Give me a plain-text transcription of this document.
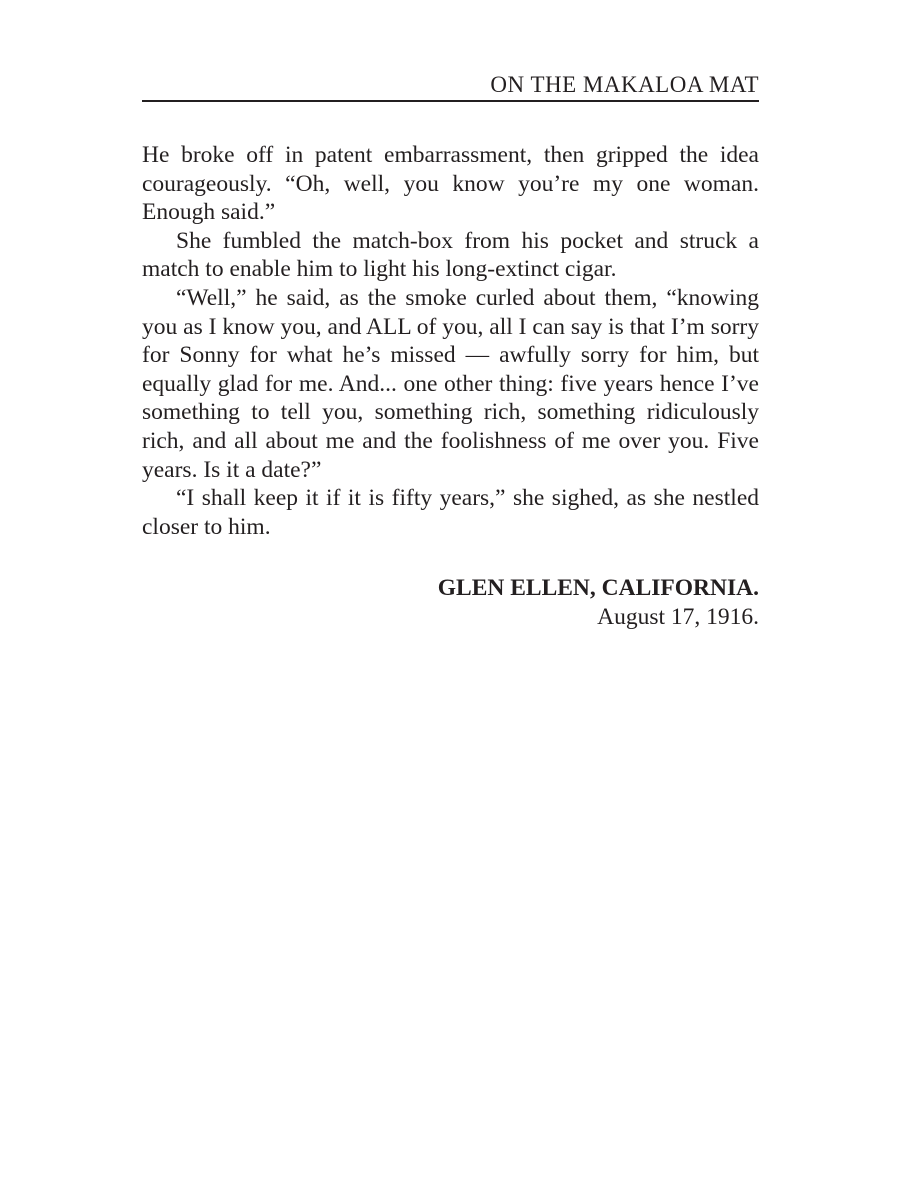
ON THE MAKALOA MAT

He broke off in patent embarrassment, then gripped the idea courageously. “Oh, well, you know you’re my one woman. Enough said.”

She fumbled the match-box from his pocket and struck a match to enable him to light his long-extinct cigar.

“Well,” he said, as the smoke curled about them, “knowing you as I know you, and ALL of you, all I can say is that I’m sorry for Sonny for what he’s missed — awfully sorry for him, but equally glad for me. And... one other thing: five years hence I’ve something to tell you, something rich, something ridiculously rich, and all about me and the foolishness of me over you. Five years. Is it a date?”

“I shall keep it if it is fifty years,” she sighed, as she nestled closer to him.

GLEN ELLEN, CALIFORNIA.
August 17, 1916.
